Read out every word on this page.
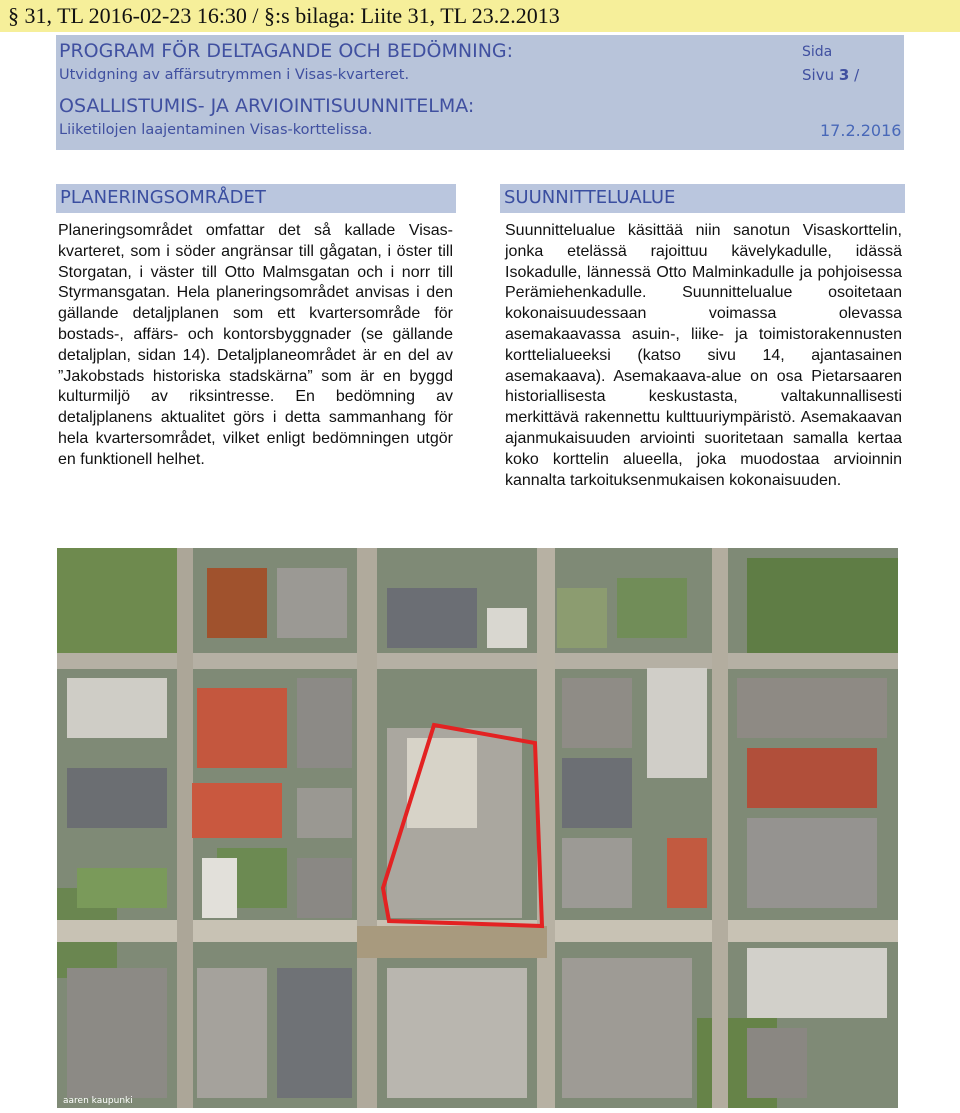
§ 31, TL 2016-02-23 16:30 / §:s bilaga: Liite 31, TL 23.2.2013
PROGRAM FÖR DELTAGANDE OCH BEDÖMNING:
Utvidgning av affärsutrymmen i Visas-kvarteret.
OSALLISTUMIS- JA ARVIOINTISUUNNITELMA:
Liiketilojen laajentaminen Visas-korttelissa.
Sida
Sivu 3 /
17.2.2016
PLANERINGSOMRÅDET	SUUNNITTELUALUE
Planeringsområdet omfattar det så kallade Visaskvarteret, som i söder angränsar till gågatan, i öster till Storgatan, i väster till Otto Malmsgatan och i norr till Styrmansgatan. Hela planeringsområdet anvisas i den gällande detaljplanen som ett kvartersområde för bostads-, affärs- och kontorsbyggnader (se gällande detaljplan, sidan 14). Detaljplaneområdet är en del av ”Jakobstads historiska stadskärna” som är en byggd kulturmiljö av riksintresse. En bedömning av detaljplanens aktualitet görs i detta sammanhang för hela kvartersområdet, vilket enligt bedömningen utgör en funktionell helhet.
Suunnittelualue käsittää niin sanotun Visaskorttelin, jonka etelässä rajoittuu kävelykadulle, idässä Isokadulle, lännessä Otto Malminkadulle ja pohjoisessa Perämiehenkadulle. Suunnittelualue osoitetaan kokonaisuudessaan voimassa olevassa asemakaavassa asuin-, liike- ja toimistorakennusten korttelialueeksi (katso sivu 14, ajantasainen asemakaava). Asemakaava-alue on osa Pietarsaaren historiallisesta keskustasta, valtakunnallisesti merkittävä rakennettu kulttuuriympäristö. Asemakaavan ajanmukaisuuden arviointi suoritetaan samalla kertaa koko korttelin alueella, joka muodostaa arvioinnin kannalta tarkoituksenmukaisen kokonaisuuden.
aaren kaupunki
